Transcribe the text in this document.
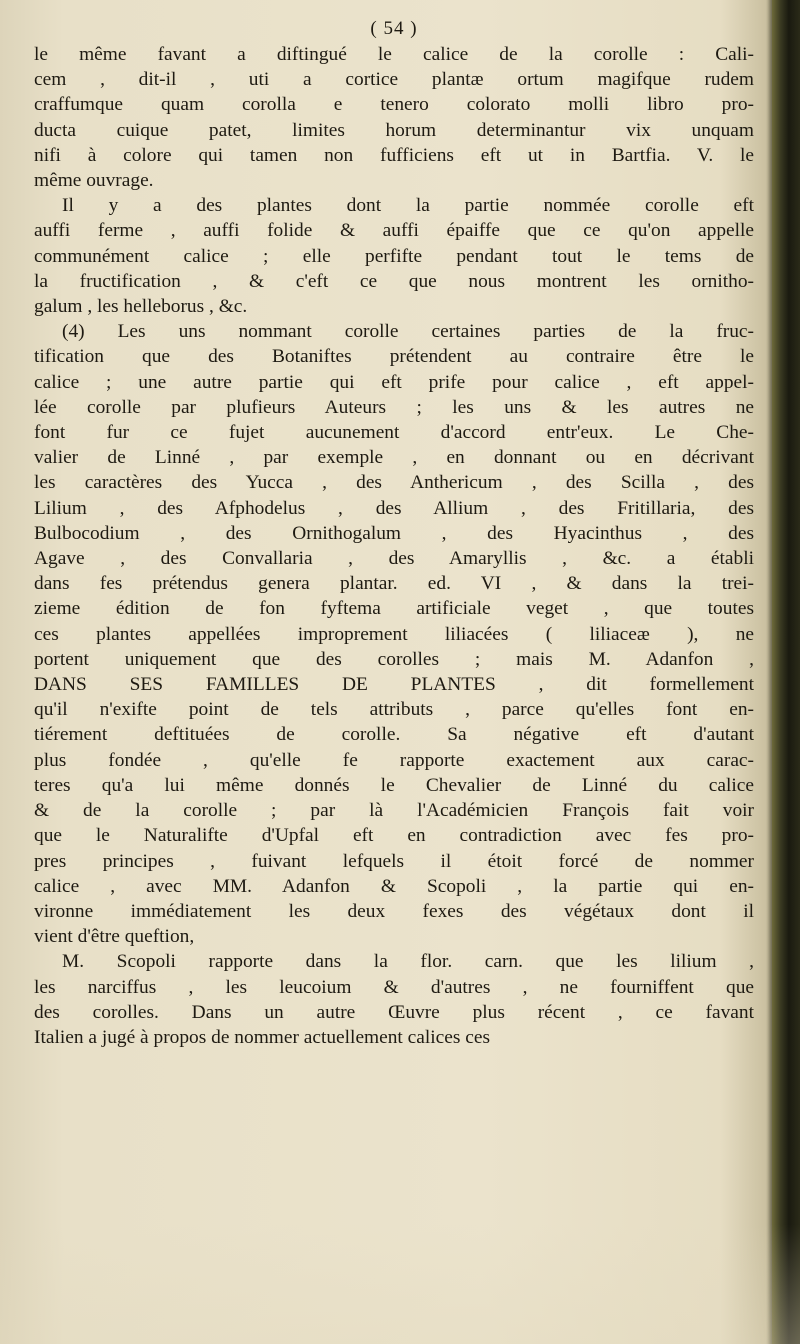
( 54 )
le même favant a diftingué le calice de la corolle : Cali-
cem , dit-il , uti a cortice plantæ ortum magifque rudem
craffumque quam corolla e tenero colorato molli libro pro-
ducta cuique patet, limites horum determinantur vix unquam
nifi à colore qui tamen non fufficiens eft ut in Bartfia. V. le
même ouvrage.
Il y a des plantes dont la partie nommée corolle eft
auffi ferme , auffi folide & auffi épaiffe que ce qu'on appelle
communément calice ; elle perfifte pendant tout le tems de
la fructification , & c'eft ce que nous montrent les ornitho-
galum , les helleborus , &c.
(4) Les uns nommant corolle certaines parties de la fruc-
tification que des Botaniftes prétendent au contraire être le
calice ; une autre partie qui eft prife pour calice , eft appel-
lée corolle par plufieurs Auteurs ; les uns & les autres ne
font fur ce fujet aucunement d'accord entr'eux. Le Che-
valier de Linné , par exemple , en donnant ou en décrivant
les caractères des Yucca , des Anthericum , des Scilla , des
Lilium , des Afphodelus , des Allium , des Fritillaria, des
Bulbocodium , des Ornithogalum , des Hyacinthus , des
Agave , des Convallaria , des Amaryllis , &c. a établi
dans fes prétendus genera plantar. ed. VI , & dans la trei-
zieme édition de fon fyftema artificiale veget , que toutes
ces plantes appellées improprement liliacées ( liliaceæ ), ne
portent uniquement que des corolles ; mais M. Adanfon ,
DANS SES FAMILLES DE PLANTES , dit formellement
qu'il n'exifte point de tels attributs , parce qu'elles font en-
tiérement deftituées de corolle. Sa négative eft d'autant
plus fondée , qu'elle fe rapporte exactement aux carac-
teres qu'a lui même donnés le Chevalier de Linné du calice
& de la corolle ; par là l'Académicien François fait voir
que le Naturalifte d'Upfal eft en contradiction avec fes pro-
pres principes , fuivant lefquels il étoit forcé de nommer
calice , avec MM. Adanfon & Scopoli , la partie qui en-
vironne immédiatement les deux fexes des végétaux dont il
vient d'être queftion,
M. Scopoli rapporte dans la flor. carn. que les lilium ,
les narciffus , les leucoium & d'autres , ne fourniffent que
des corolles. Dans un autre Œuvre plus récent , ce favant
Italien a jugé à propos de nommer actuellement calices ces
